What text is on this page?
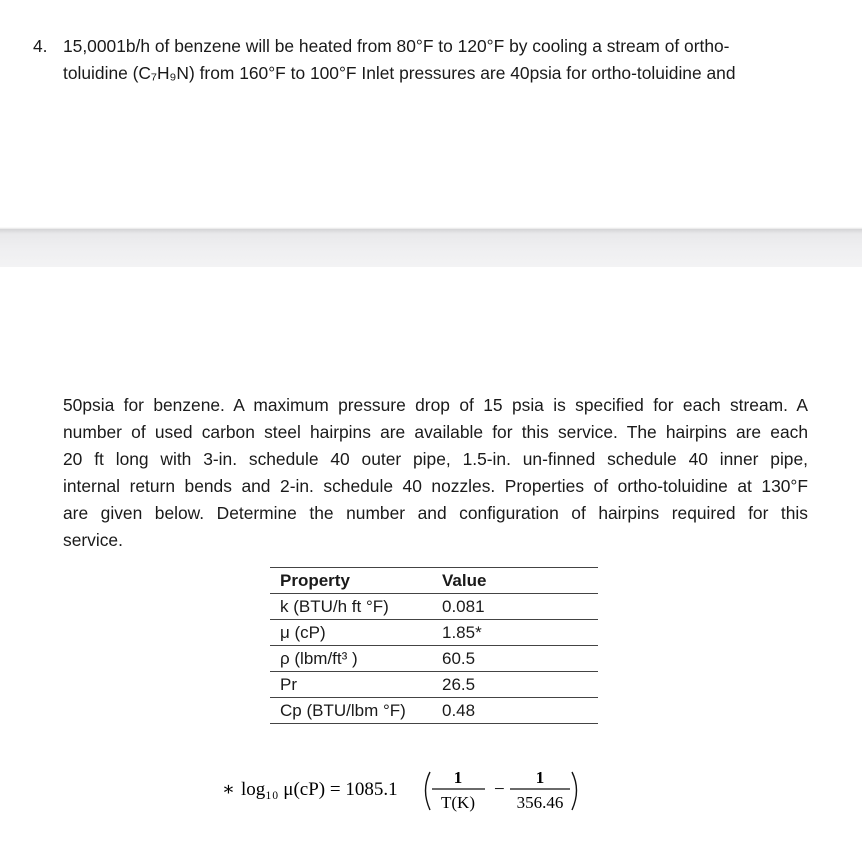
4. 15,0001b/h of benzene will be heated from 80°F to 120°F by cooling a stream of ortho-
toluidine (C₇H₉N) from 160°F to 100°F Inlet pressures are 40psia for ortho-toluidine and
50psia for benzene. A maximum pressure drop of 15 psia is specified for each stream. A
number of used carbon steel hairpins are available for this service. The hairpins are each
20 ft long with 3-in. schedule 40 outer pipe, 1.5-in. un-finned schedule 40 inner pipe,
internal return bends and 2-in. schedule 40 nozzles. Properties of ortho-toluidine at 130°F
are given below. Determine the number and configuration of hairpins required for this
service.
Property	Value
k (BTU/h ft °F)	0.081
μ (cP)	1.85*
ρ (lbm/ft³ )	60.5
Pr	26.5
Cp (BTU/lbm °F)	0.48
∗ log₁₀ μ(cP) = 1085.1
1
T(K)
−
1
356.46
